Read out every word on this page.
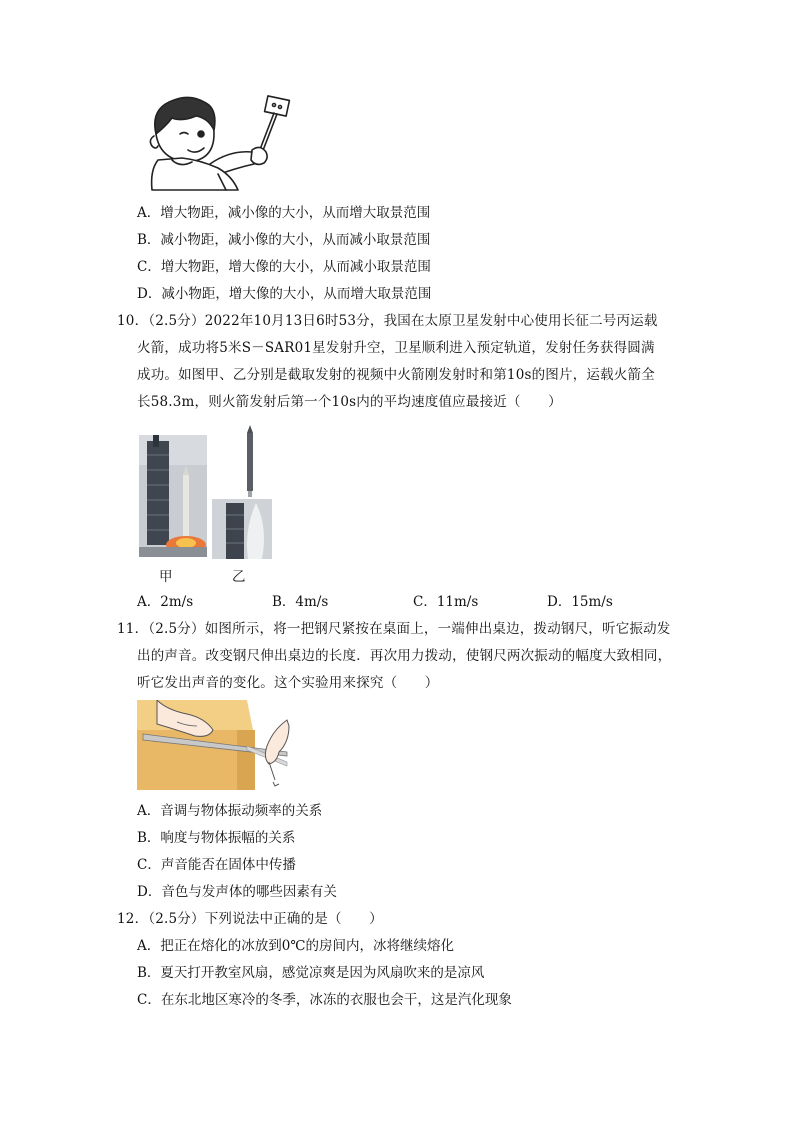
A．增大物距，减小像的大小，从而增大取景范围
B．减小物距，减小像的大小，从而减小取景范围
C．增大物距，增大像的大小，从而减小取景范围
D．减小物距，增大像的大小，从而增大取景范围
10．（2.5分）2022年10月13日6时53分，我国在太原卫星发射中心使用长征二号丙运载
火箭，成功将5米S－SAR01星发射升空，卫星顺利进入预定轨道，发射任务获得圆满
成功。如图甲、乙分别是截取发射的视频中火箭刚发射时和第10s的图片，运载火箭全
长58.3m，则火箭发射后第一个10s内的平均速度值应最接近（　　）
甲	乙
A．2m/s	B．4m/s	C．11m/s	D．15m/s
11．（2.5分）如图所示，将一把钢尺紧按在桌面上，一端伸出桌边，拨动钢尺，听它振动发
出的声音。改变钢尺伸出桌边的长度．再次用力拨动，使钢尺两次振动的幅度大致相同，
听它发出声音的变化。这个实验用来探究（　　）
A．音调与物体振动频率的关系
B．响度与物体振幅的关系
C．声音能否在固体中传播
D．音色与发声体的哪些因素有关
12．（2.5分）下列说法中正确的是（　　）
A．把正在熔化的冰放到0℃的房间内，冰将继续熔化
B．夏天打开教室风扇，感觉凉爽是因为风扇吹来的是凉风
C．在东北地区寒冷的冬季，冰冻的衣服也会干，这是汽化现象
